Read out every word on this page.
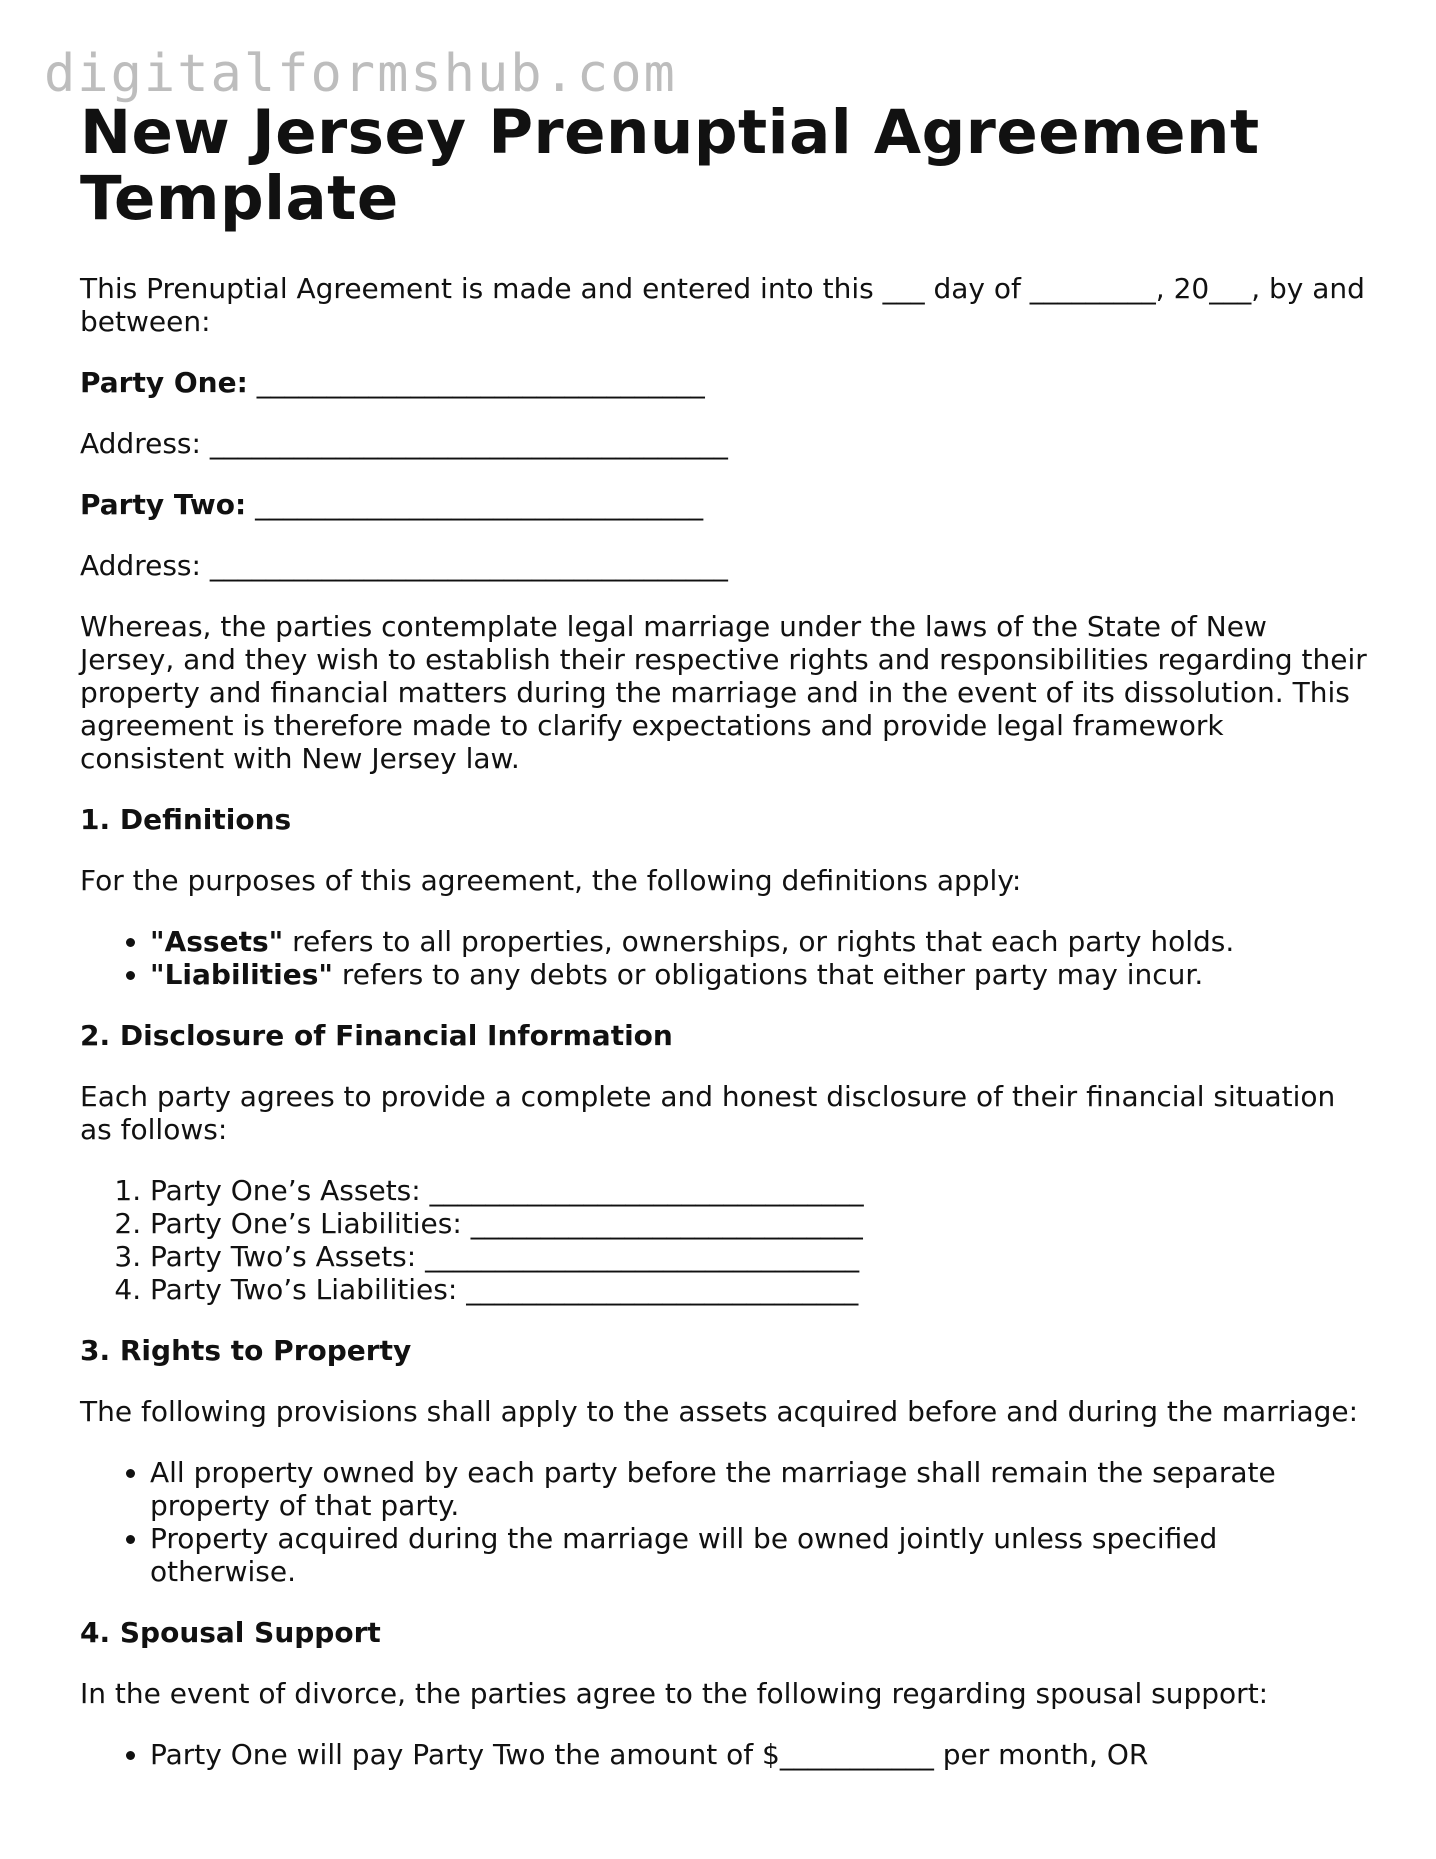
digitalformshub.com
New Jersey Prenuptial Agreement Template

This Prenuptial Agreement is made and entered into this ___ day of _________, 20___, by and between:

Party One: ________________________________

Address: _____________________________________

Party Two: ________________________________

Address: _____________________________________

Whereas, the parties contemplate legal marriage under the laws of the State of New Jersey, and they wish to establish their respective rights and responsibilities regarding their property and financial matters during the marriage and in the event of its dissolution. This agreement is therefore made to clarify expectations and provide legal framework consistent with New Jersey law.

1. Definitions

For the purposes of this agreement, the following definitions apply:

• "Assets" refers to all properties, ownerships, or rights that each party holds.
• "Liabilities" refers to any debts or obligations that either party may incur.
2. Disclosure of Financial Information

Each party agrees to provide a complete and honest disclosure of their financial situation as follows:

1. Party One’s Assets: _______________________________
2. Party One’s Liabilities: ____________________________
3. Party Two’s Assets: _______________________________
4. Party Two’s Liabilities: ____________________________
3. Rights to Property

The following provisions shall apply to the assets acquired before and during the marriage:

• All property owned by each party before the marriage shall remain the separate property of that party.
• Property acquired during the marriage will be owned jointly unless specified otherwise.
4. Spousal Support

In the event of divorce, the parties agree to the following regarding spousal support:

• Party One will pay Party Two the amount of $___________ per month, OR
